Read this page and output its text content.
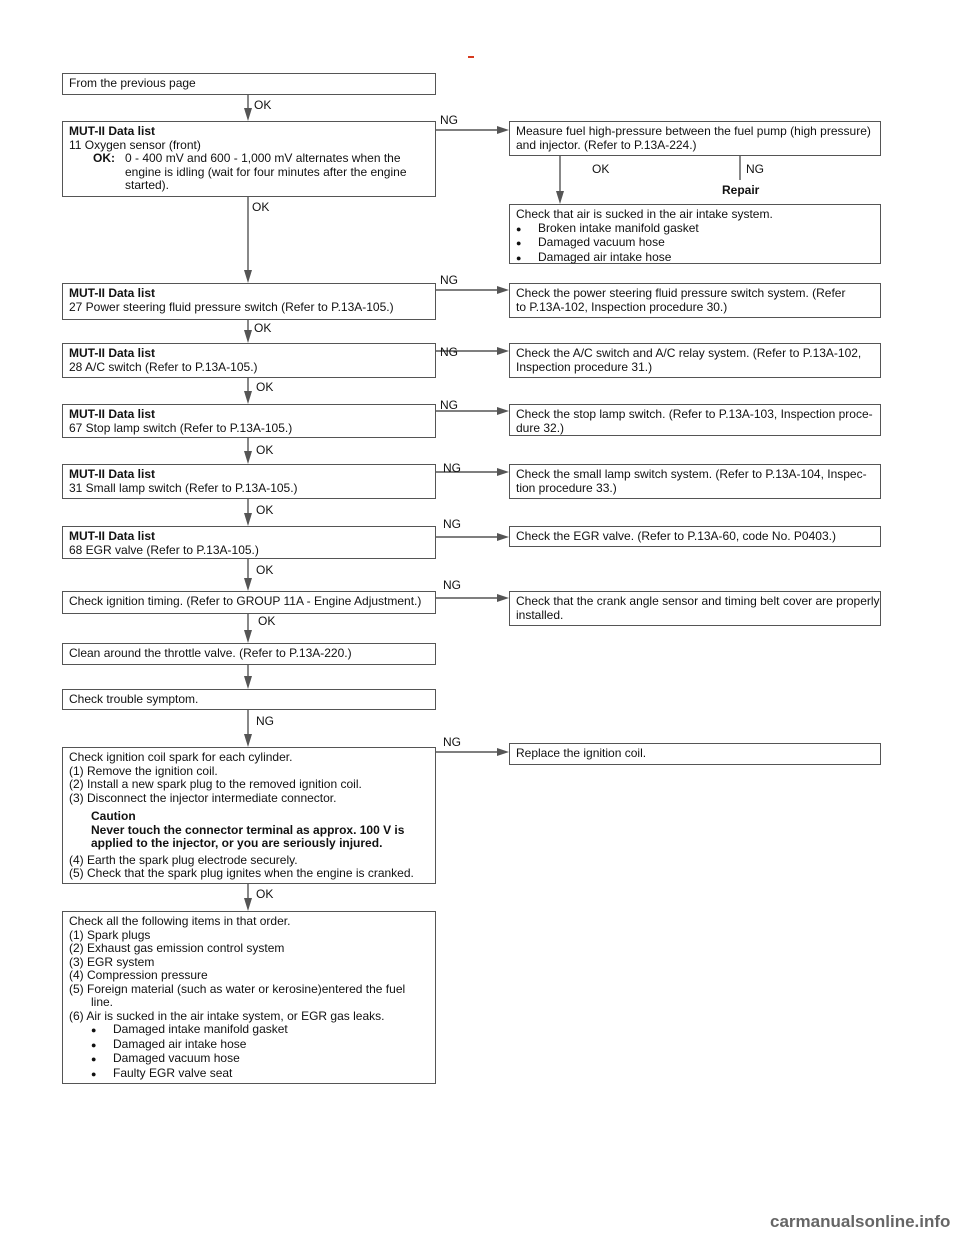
OK
NG
OK	NG
Repair
OK
NG
OK
NG
OK
NG
OK
NG
OK
NG
OK
NG
OK
NG
NG
OK
From the previous page
MUT-II Data list
11 Oxygen sensor (front)
OK: 0 - 400 mV and 600 - 1,000 mV alternates when the
engine is idling (wait for four minutes after the engine
started).
MUT-II Data list
27 Power steering fluid pressure switch (Refer to P.13A-105.)
MUT-II Data list
28 A/C switch (Refer to P.13A-105.)
MUT-II Data list
67 Stop lamp switch (Refer to P.13A-105.)
MUT-II Data list
31 Small lamp switch (Refer to P.13A-105.)
MUT-II Data list
68 EGR valve (Refer to P.13A-105.)
Check ignition timing. (Refer to GROUP 11A - Engine Adjustment.)
Clean around the throttle valve. (Refer to P.13A-220.)
Check trouble symptom.
Check ignition coil spark for each cylinder.
(1) Remove the ignition coil.
(2) Install a new spark plug to the removed ignition coil.
(3) Disconnect the injector intermediate connector.
Caution
Never touch the connector terminal as approx. 100 V is
applied to the injector, or you are seriously injured.
(4) Earth the spark plug electrode securely.
(5) Check that the spark plug ignites when the engine is cranked.
Check all the following items in that order.
(1) Spark plugs
(2) Exhaust gas emission control system
(3) EGR system
(4) Compression pressure
(5) Foreign material (such as water or kerosine)entered the fuel
line.
(6) Air is sucked in the air intake system, or EGR gas leaks.
● Damaged intake manifold gasket
● Damaged air intake hose
● Damaged vacuum hose
● Faulty EGR valve seat
Measure fuel high-pressure between the fuel pump (high pressure)
and injector. (Refer to P.13A-224.)
Check that air is sucked in the air intake system.
● Broken intake manifold gasket
● Damaged vacuum hose
● Damaged air intake hose
Check the power steering fluid pressure switch system. (Refer
to P.13A-102, Inspection procedure 30.)
Check the A/C switch and A/C relay system. (Refer to P.13A-102,
Inspection procedure 31.)
Check the stop lamp switch. (Refer to P.13A-103, Inspection proce-
dure 32.)
Check the small lamp switch system. (Refer to P.13A-104, Inspec-
tion procedure 33.)
Check the EGR valve. (Refer to P.13A-60, code No. P0403.)
Check that the crank angle sensor and timing belt cover are properly
installed.
Replace the ignition coil.
carmanualsonline.info
